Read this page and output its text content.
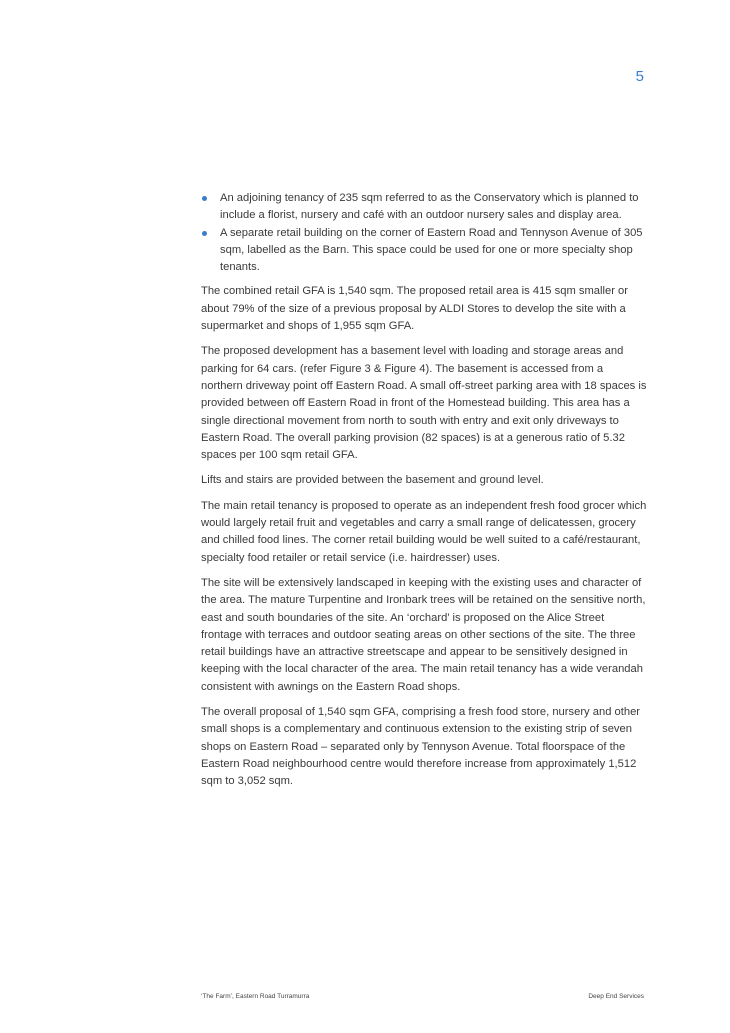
5
An adjoining tenancy of 235 sqm referred to as the Conservatory which is planned to include a florist, nursery and café with an outdoor nursery sales and display area.
A separate retail building on the corner of Eastern Road and Tennyson Avenue of 305 sqm, labelled as the Barn. This space could be used for one or more specialty shop tenants.

The combined retail GFA is 1,540 sqm. The proposed retail area is 415 sqm smaller or about 79% of the size of a previous proposal by ALDI Stores to develop the site with a supermarket and shops of 1,955 sqm GFA.

The proposed development has a basement level with loading and storage areas and parking for 64 cars. (refer Figure 3 & Figure 4). The basement is accessed from a northern driveway point off Eastern Road. A small off-street parking area with 18 spaces is provided between off Eastern Road in front of the Homestead building. This area has a single directional movement from north to south with entry and exit only driveways to Eastern Road. The overall parking provision (82 spaces) is at a generous ratio of 5.32 spaces per 100 sqm retail GFA.

Lifts and stairs are provided between the basement and ground level.

The main retail tenancy is proposed to operate as an independent fresh food grocer which would largely retail fruit and vegetables and carry a small range of delicatessen, grocery and chilled food lines. The corner retail building would be well suited to a café/restaurant, specialty food retailer or retail service (i.e. hairdresser) uses.

The site will be extensively landscaped in keeping with the existing uses and character of the area. The mature Turpentine and Ironbark trees will be retained on the sensitive north, east and south boundaries of the site. An ‘orchard’ is proposed on the Alice Street frontage with terraces and outdoor seating areas on other sections of the site. The three retail buildings have an attractive streetscape and appear to be sensitively designed in keeping with the local character of the area. The main retail tenancy has a wide verandah consistent with awnings on the Eastern Road shops.

The overall proposal of 1,540 sqm GFA, comprising a fresh food store, nursery and other small shops is a complementary and continuous extension to the existing strip of seven shops on Eastern Road – separated only by Tennyson Avenue. Total floorspace of the Eastern Road neighbourhood centre would therefore increase from approximately 1,512 sqm to 3,052 sqm.

‘The Farm’, Eastern Road Turramurra	Deep End Services
